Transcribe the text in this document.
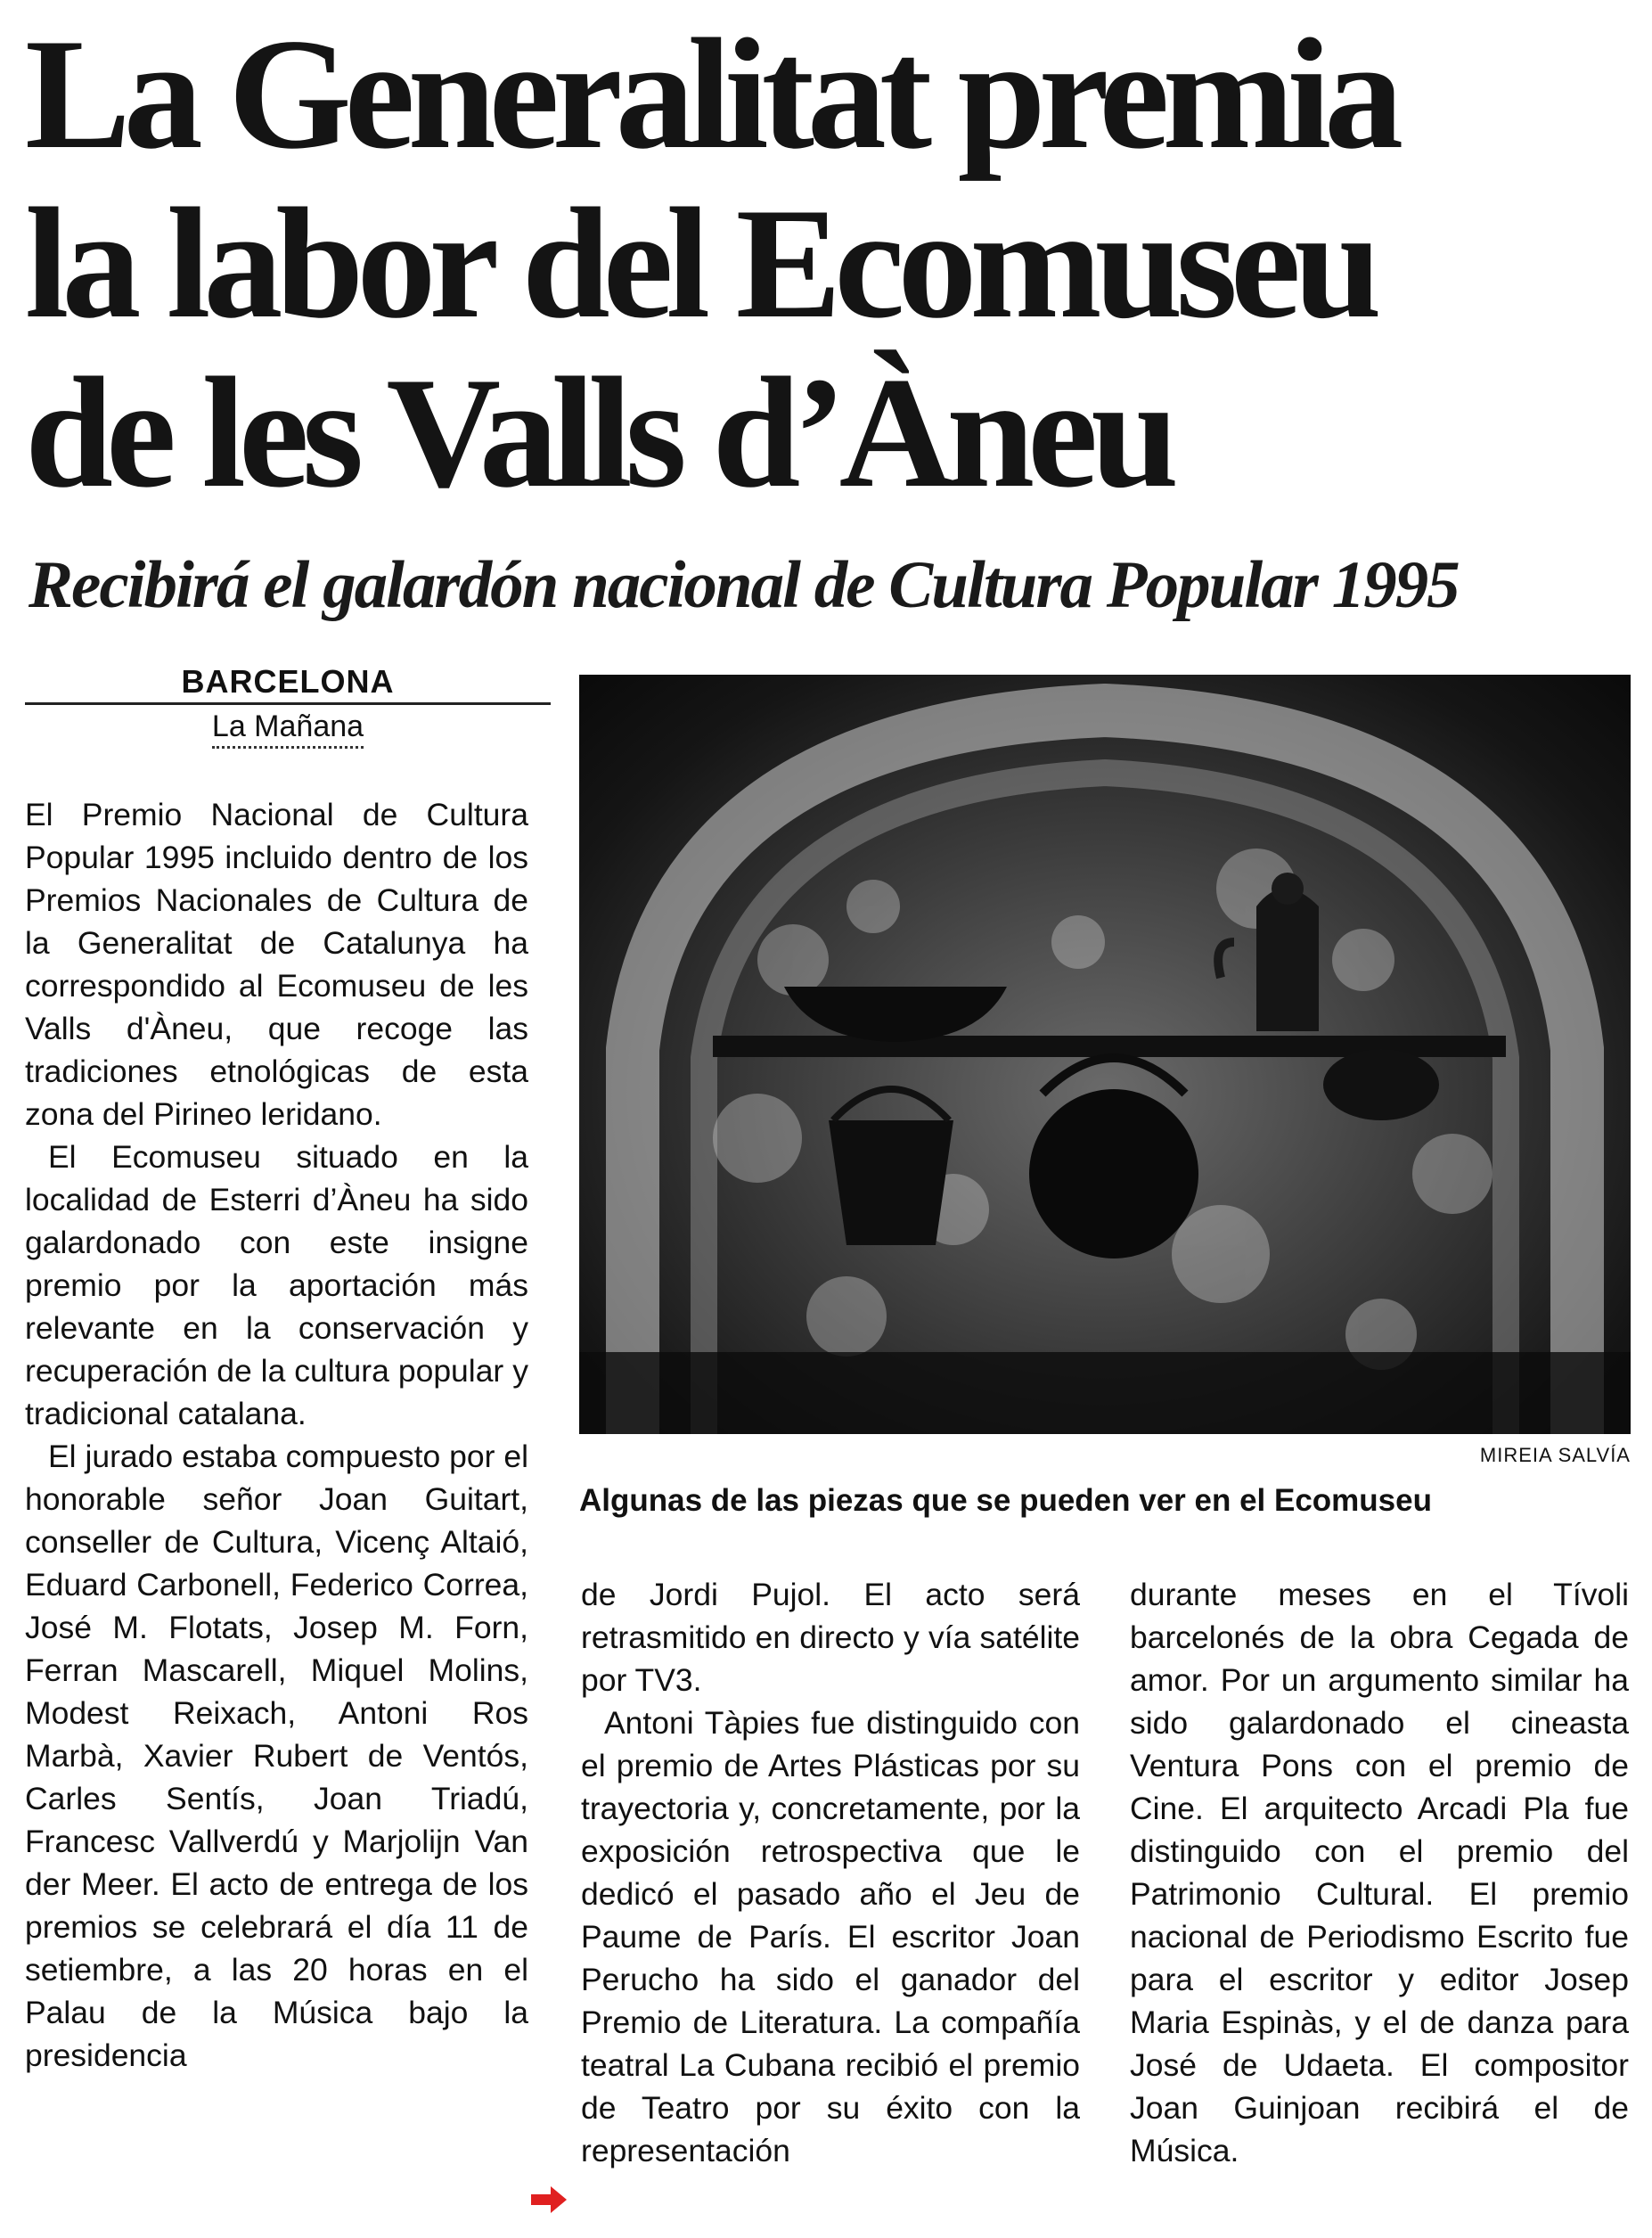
La Generalitat premia
la labor del Ecomuseu
de les Valls d’Àneu
Recibirá el galardón nacional de Cultura Popular 1995
BARCELONA
La Mañana

El Premio Nacional de Cultura Popular 1995 incluido dentro de los Premios Nacionales de Cultura de la Generalitat de Catalunya ha correspondido al Ecomuseu de les Valls d'Àneu, que recoge las tradiciones etnológicas de esta zona del Pirineo leridano.

El Ecomuseu situado en la localidad de Esterri d’Àneu ha sido galardonado con este insigne premio por la aportación más relevante en la conservación y recuperación de la cultura popular y tradicional catalana.

El jurado estaba compuesto por el honorable señor Joan Guitart, conseller de Cultura, Vicenç Altaió, Eduard Carbonell, Federico Correa, José M. Flotats, Josep M. Forn, Ferran Mascarell, Miquel Molins, Modest Reixach, Antoni Ros Marbà, Xavier Rubert de Ventós, Carles Sentís, Joan Triadú, Francesc Vallverdú y Marjolijn Van der Meer. El acto de entrega de los premios se celebrará el día 11 de setiembre, a las 20 horas en el Palau de la Música bajo la presidencia

MIREIA SALVÍA
Algunas de las piezas que se pueden ver en el Ecomuseu

de Jordi Pujol. El acto será retrasmitido en directo y vía satélite por TV3.

Antoni Tàpies fue distinguido con el premio de Artes Plásticas por su trayectoria y, concretamente, por la exposición retrospectiva que le dedicó el pasado año el Jeu de Paume de París. El escritor Joan Perucho ha sido el ganador del Premio de Literatura. La compañía teatral La Cubana recibió el premio de Teatro por su éxito con la representación

durante meses en el Tívoli barcelonés de la obra Cegada de amor. Por un argumento similar ha sido galardonado el cineasta Ventura Pons con el premio de Cine. El arquitecto Arcadi Pla fue distinguido con el premio del Patrimonio Cultural. El premio nacional de Periodismo Escrito fue para el escritor y editor Josep Maria Espinàs, y el de danza para José de Udaeta. El compositor Joan Guinjoan recibirá el de Música.
